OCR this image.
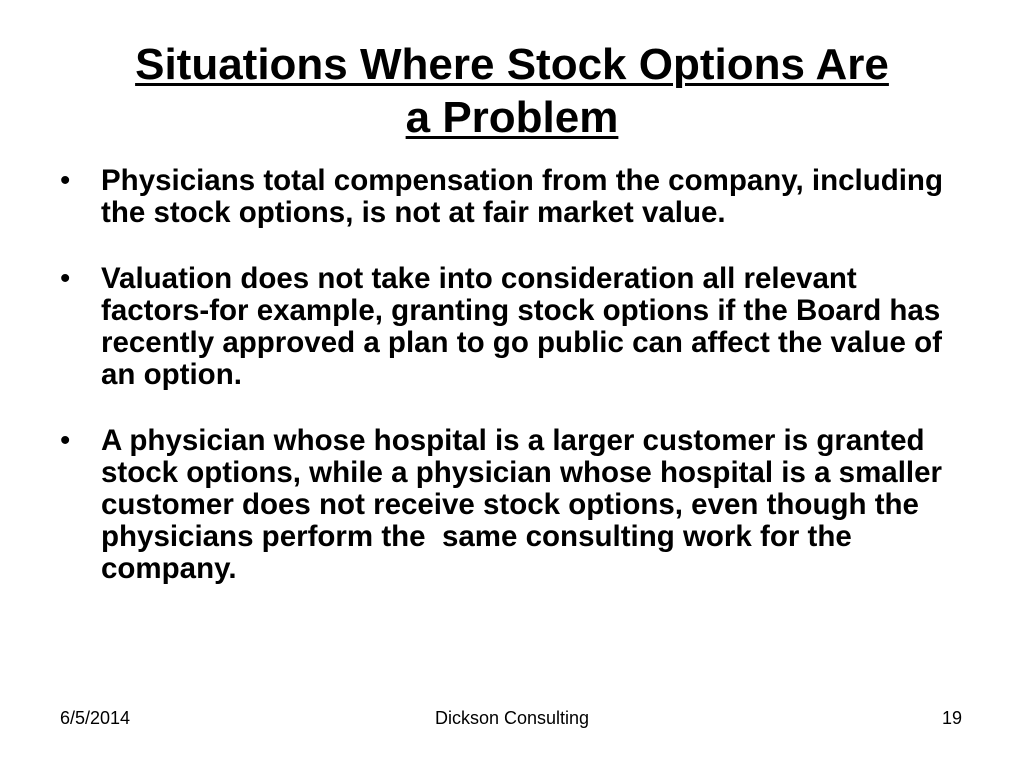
Situations Where Stock Options Are
a Problem
• Physicians total compensation from the company, including the stock options, is not at fair market value.
• Valuation does not take into consideration all relevant factors-for example, granting stock options if the Board has recently approved a plan to go public can affect the value of an option.
• A physician whose hospital is a larger customer is granted stock options, while a physician whose hospital is a smaller customer does not receive stock options, even though the physicians perform the  same consulting work for the company.
6/5/2014	Dickson Consulting	19
